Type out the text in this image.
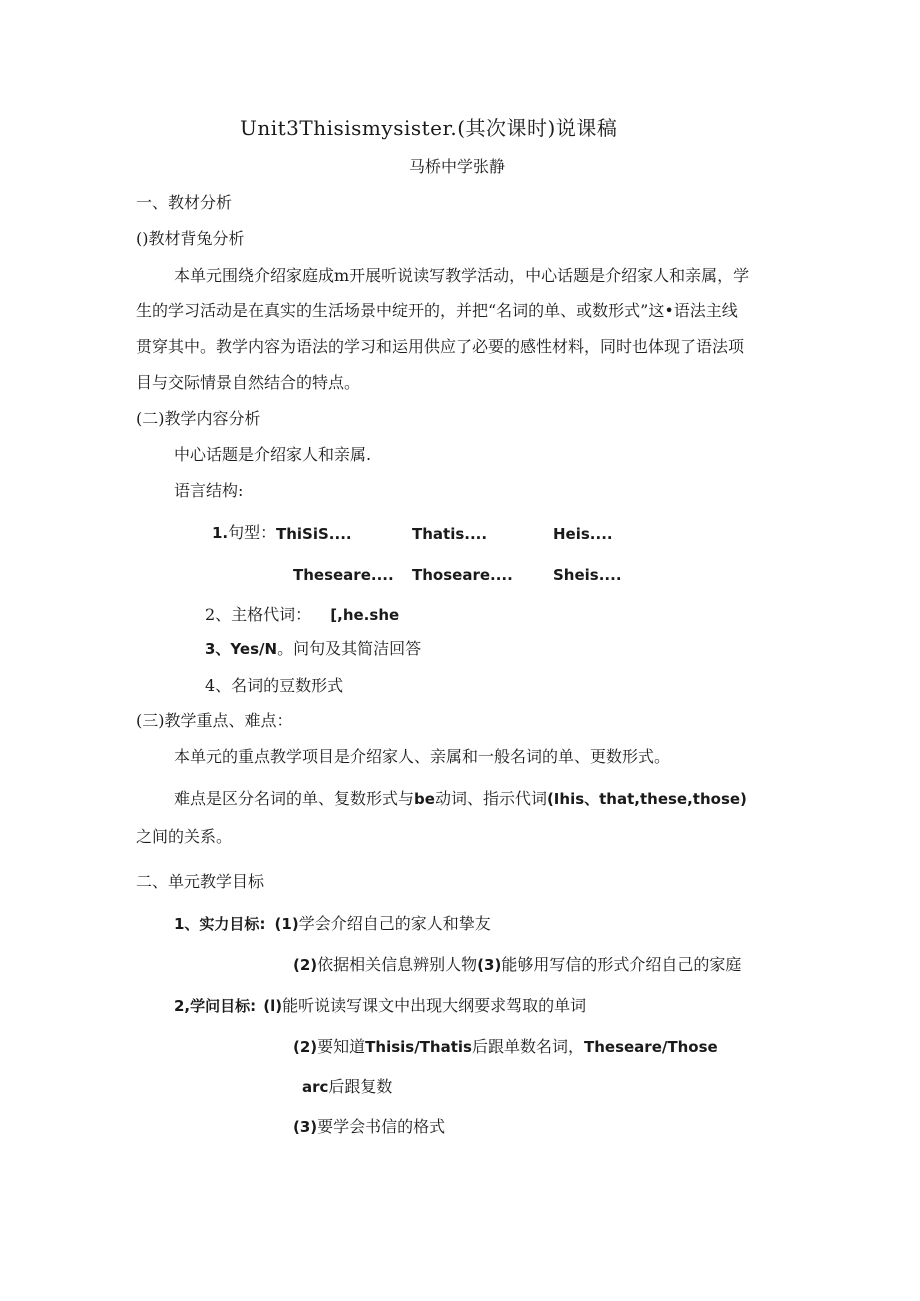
Unit3Thisismysister.(其次课时)说课稿
马桥中学张静
一、教材分析
()教材背兔分析
本单元围绕介绍家庭成m开展听说读写教学活动，中心话题是介绍家人和亲属，学
生的学习活动是在真实的生活场景中绽开的，并把“名词的单、或数形式”这•语法主线
贯穿其中。教学内容为语法的学习和运用供应了必要的感性材料，同时也体现了语法项
目与交际情景自然结合的特点。
(二)教学内容分析
中心话题是介绍家人和亲属.
语言结构:
1.句型： ThiSiS....	Thatis....	Heis....
Theseare.... Thoseare....	Sheis....
2、主格代词： [,he.she
3、Yes/N。问句及其简洁回答
4、名词的豆数形式
(三)教学重点、难点：
本单元的重点教学项目是介绍家人、亲属和一般名词的单、更数形式。
难点是区分名词的单、复数形式与be动词、指示代词(Ihis、that,these,those)
之间的关系。
二、单元教学目标
1、实力目标: (1)学会介绍自己的家人和挚友
(2)依据相关信息辨别人物(3)能够用写信的形式介绍自己的家庭
2,学问目标: (l)能听说读写课文中出现大纲要求驾取的单词
(2)要知道Thisis/Thatis后跟单数名词，Theseare/Those
arc后跟复数
(3)要学会书信的格式
